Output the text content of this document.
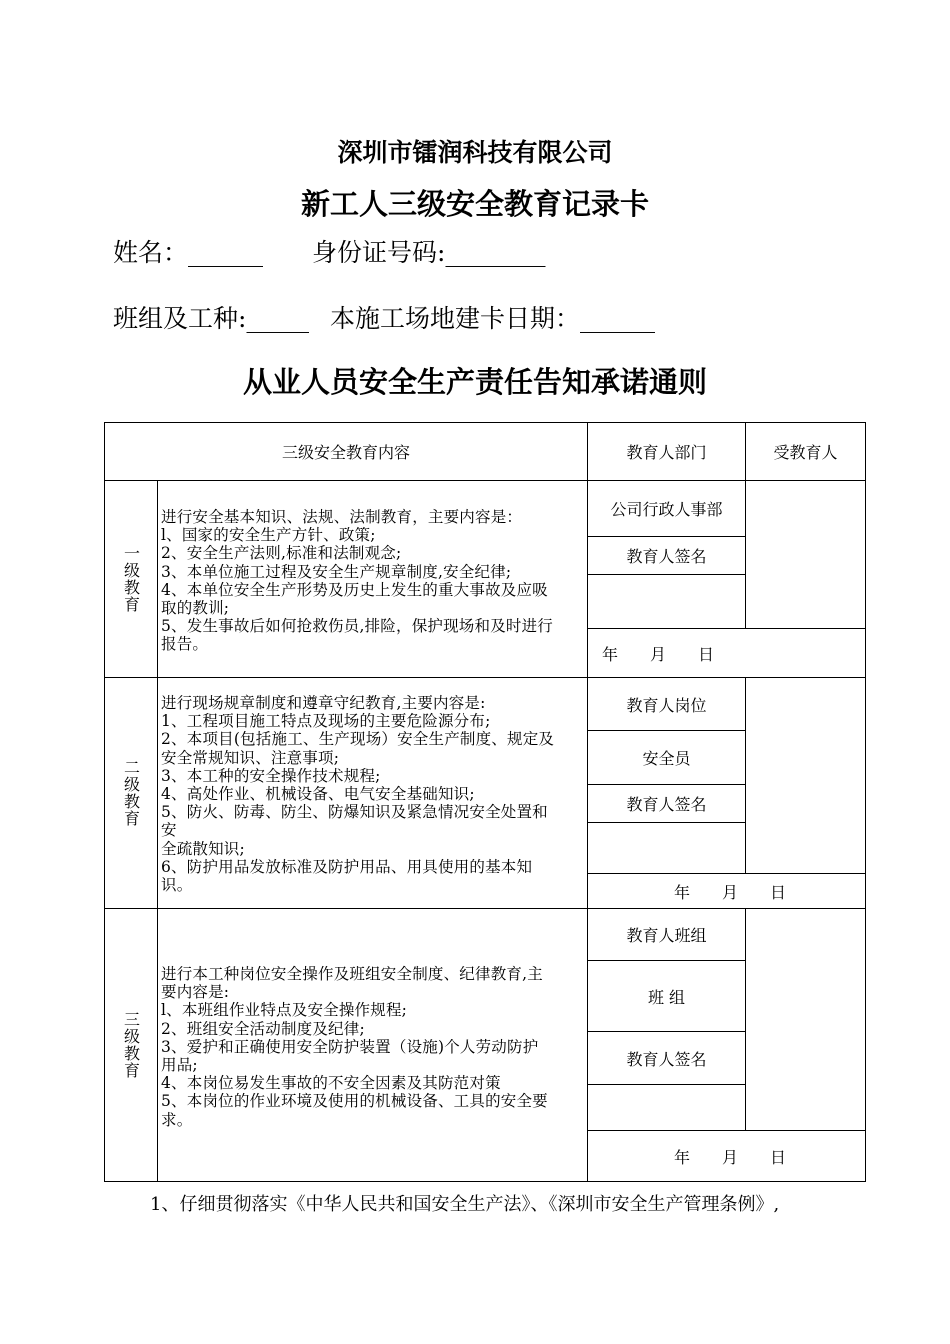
深圳市镭润科技有限公司
新工人三级安全教育记录卡
姓名：______ 身份证号码:________
班组及工种:_____ 本施工场地建卡日期：______
从业人员安全生产责任告知承诺通则
三级安全教育内容	教育人部门	受教育人
一级教育
进行安全基本知识、法规、法制教育，主要内容是：
l、国家的安全生产方针、政策;
2、安全生产法则,标准和法制观念;
3、本单位施工过程及安全生产规章制度,安全纪律;
4、本单位安全生产形势及历史上发生的重大事故及应吸
取的教训;
5、发生事故后如何抢救伤员,排险，保护现场和及时进行
报告。
公司行政人事部
教育人签名
年　　月　　日
二级教育
进行现场规章制度和遵章守纪教育,主要内容是:
1、工程项目施工特点及现场的主要危险源分布;
2、本项目(包括施工、生产现场）安全生产制度、规定及
安全常规知识、注意事项;
3、本工种的安全操作技术规程;
4、高处作业、机械设备、电气安全基础知识;
5、防火、防毒、防尘、防爆知识及紧急情况安全处置和
安
全疏散知识;
6、防护用品发放标准及防护用品、用具使用的基本知
识。
教育人岗位
安全员
教育人签名
年　　月　　日
三级教育
进行本工种岗位安全操作及班组安全制度、纪律教育,主
要内容是:
l、本班组作业特点及安全操作规程;
2、班组安全活动制度及纪律;
3、爱护和正确使用安全防护装置（设施)个人劳动防护
用品;
4、本岗位易发生事故的不安全因素及其防范对策
5、本岗位的作业环境及使用的机械设备、工具的安全要
求。
教育人班组
班 组
教育人签名
年　　月　　日
1、仔细贯彻落实《中华人民共和国安全生产法》、《深圳市安全生产管理条例》,
